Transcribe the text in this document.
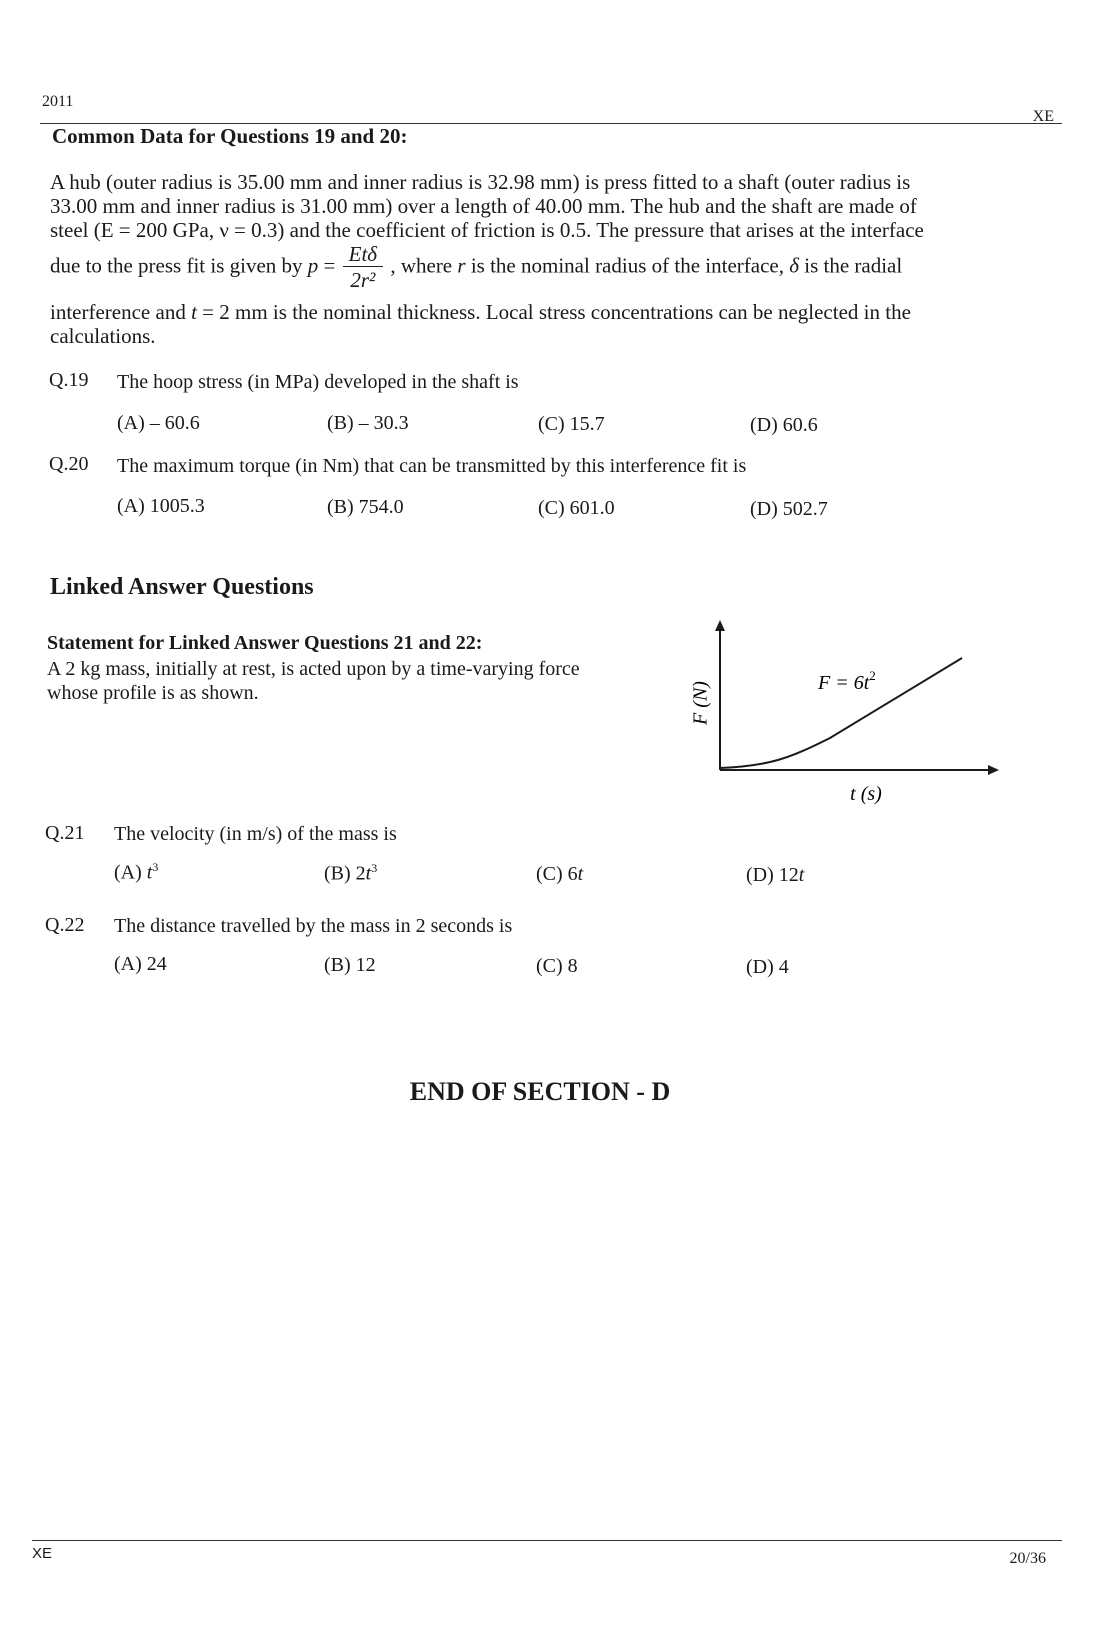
2011
XE
Common Data for Questions 19 and 20:
A hub (outer radius is 35.00 mm and inner radius is 32.98 mm) is press fitted to a shaft (outer radius is
33.00 mm and inner radius is 31.00 mm) over a length of 40.00 mm. The hub and the shaft are made of
steel (E = 200 GPa, ν = 0.3) and the coefficient of friction is 0.5. The pressure that arises at the interface
due to the press fit is given by $p = \frac{\text{Etδ}}{\text{2r²}}$ , where r is the nominal radius of the interface, δ is the radial
interference and t = 2 mm is the nominal thickness. Local stress concentrations can be neglected in the
calculations.
Q.19 The hoop stress (in MPa) developed in the shaft is
(A) – 60.6	(B) – 30.3	(C) 15.7	(D) 60.6
Q.20 The maximum torque (in Nm) that can be transmitted by this interference fit is
(A) 1005.3	(B) 754.0	(C) 601.0	(D) 502.7
Linked Answer Questions
Statement for Linked Answer Questions 21 and 22:
A 2 kg mass, initially at rest, is acted upon by a time-varying force
whose profile is as shown.	F (N)
t (s)
$F = 6t^2$
Q.21 The velocity (in m/s) of the mass is
(A) $t^3$	(B) $2t^3$	(C) 6t	(D) 12t
Q.22 The distance travelled by the mass in 2 seconds is
(A) 24	(B) 12	(C) 8	(D) 4
END OF SECTION - D
XE	20/36
